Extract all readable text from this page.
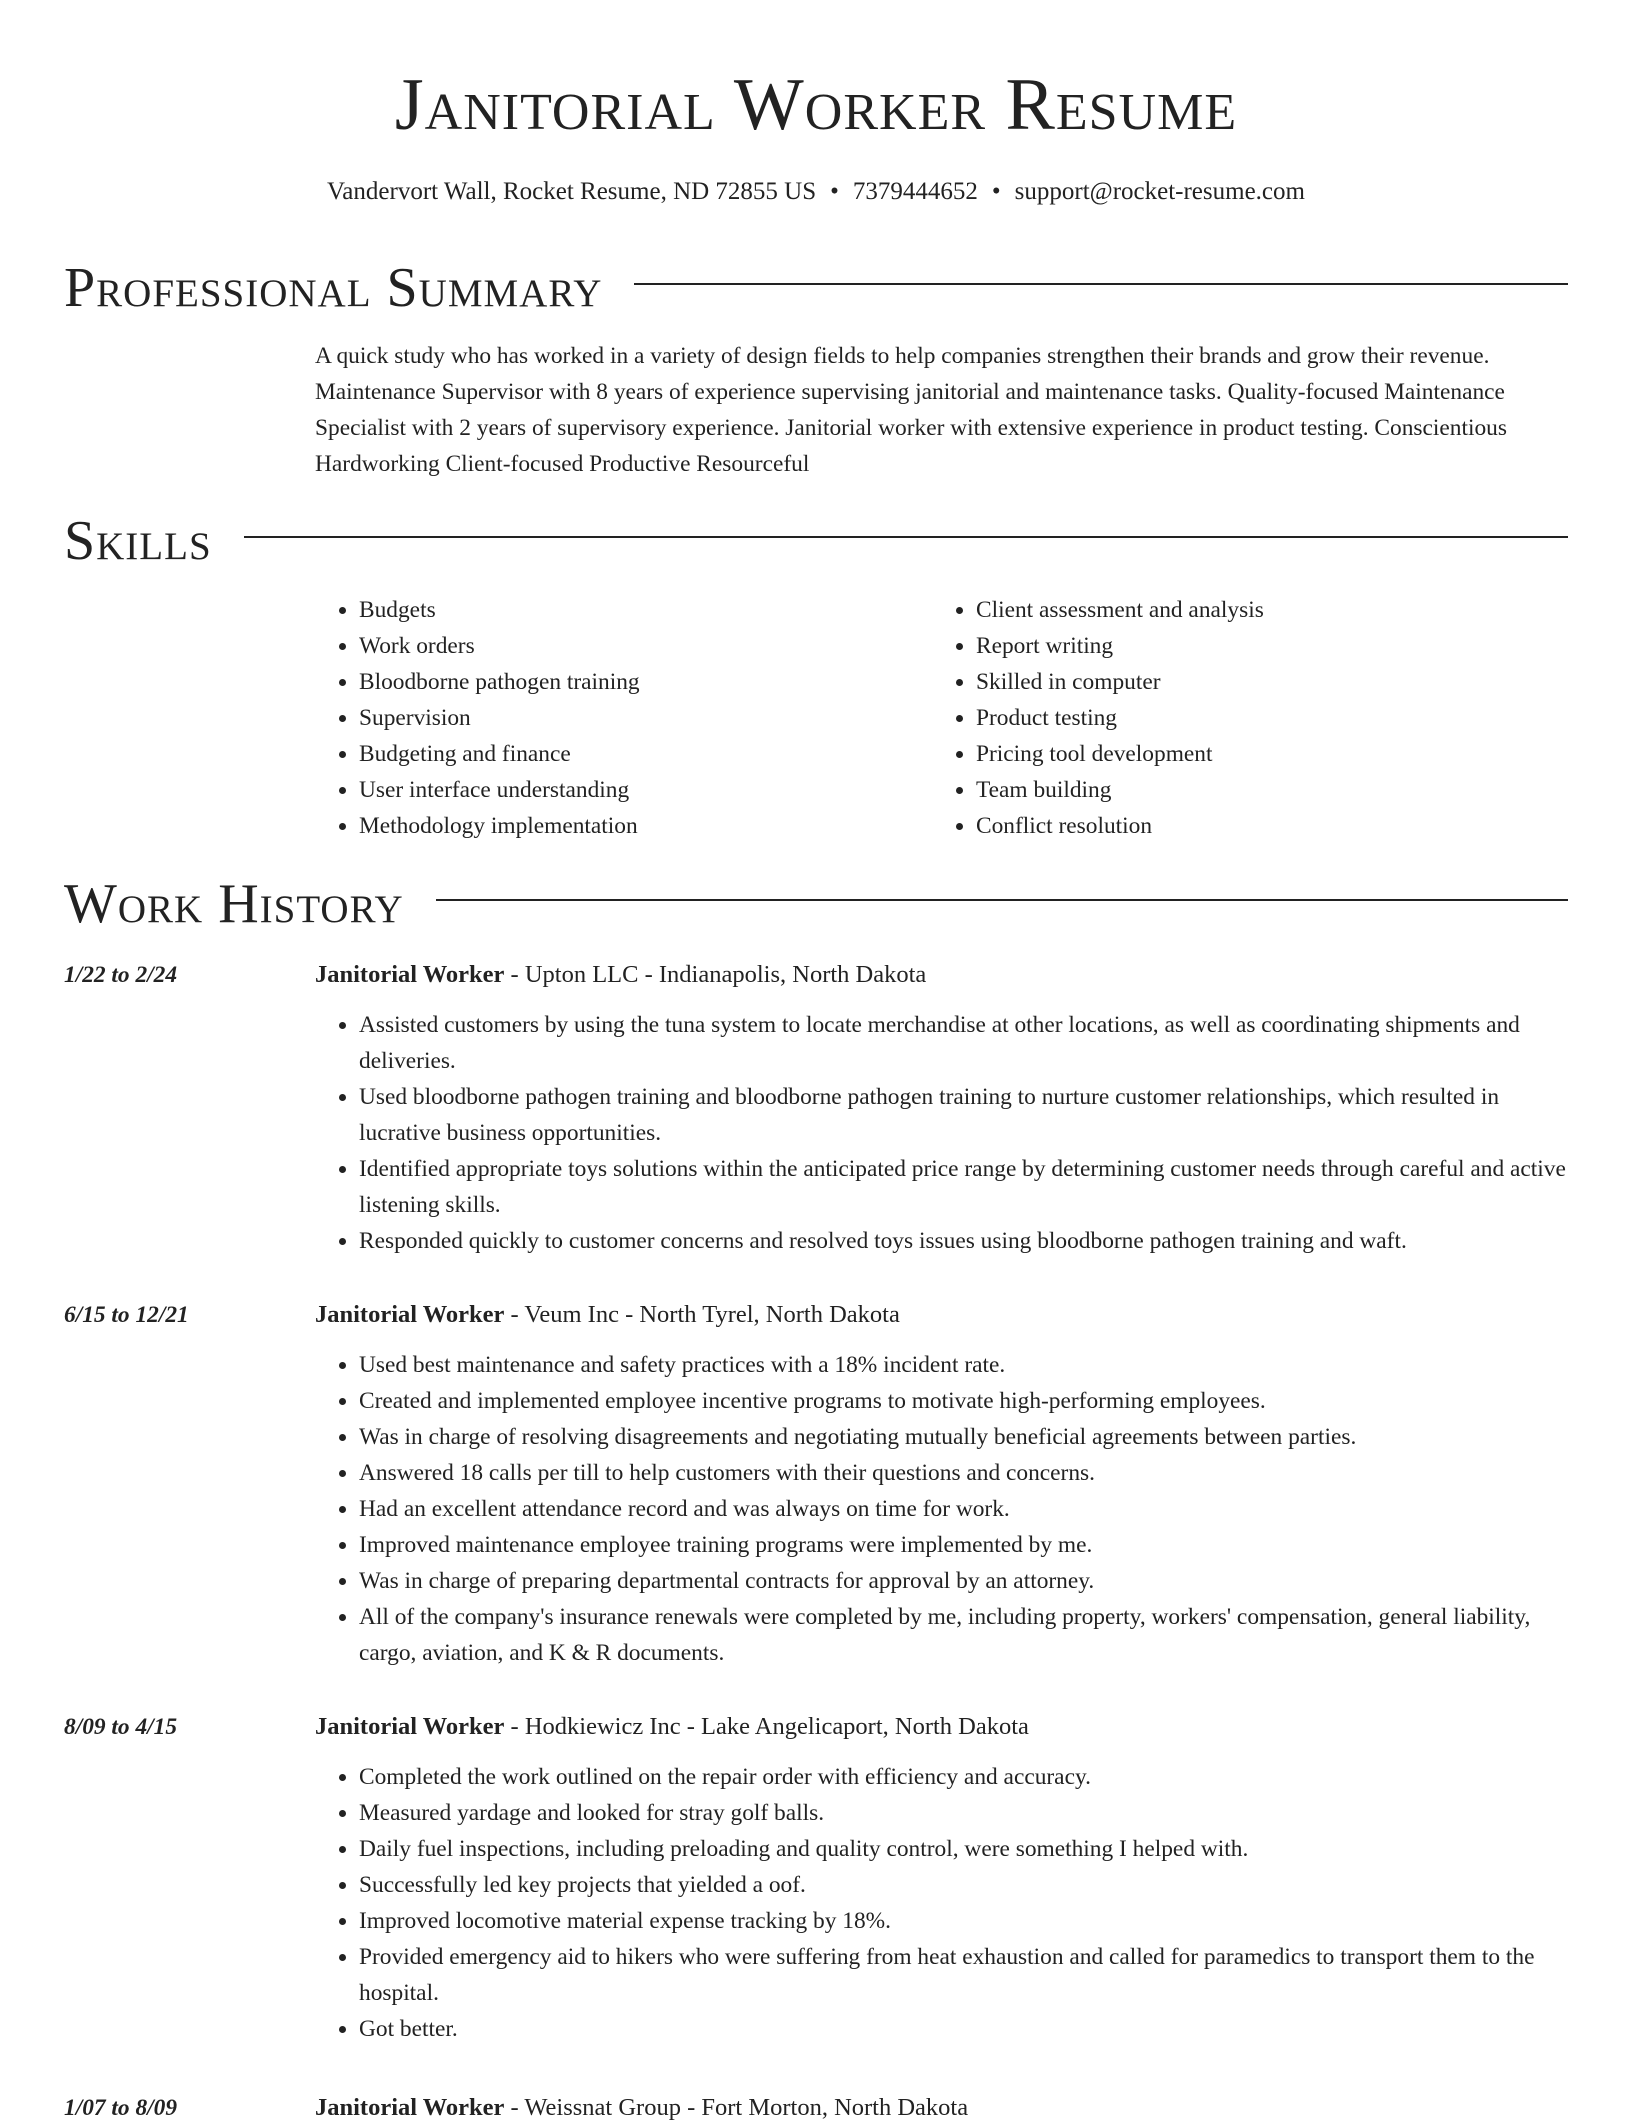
Janitorial Worker Resume
Vandervort Wall, Rocket Resume, ND 72855 US • 7379444652 • support@rocket-resume.com
Professional Summary

A quick study who has worked in a variety of design fields to help companies strengthen their brands and grow their revenue. Maintenance Supervisor with 8 years of experience supervising janitorial and maintenance tasks. Quality-focused Maintenance Specialist with 2 years of supervisory experience. Janitorial worker with extensive experience in product testing. Conscientious Hardworking Client-focused Productive Resourceful

Skills
• Budgets
• Work orders
• Bloodborne pathogen training
• Supervision
• Budgeting and finance
• User interface understanding
• Methodology implementation
• Client assessment and analysis
• Report writing
• Skilled in computer
• Product testing
• Pricing tool development
• Team building
• Conflict resolution
Work History
1/22 to 2/24	Janitorial Worker - Upton LLC - Indianapolis, North Dakota
• Assisted customers by using the tuna system to locate merchandise at other locations, as well as coordinating shipments and deliveries.
• Used bloodborne pathogen training and bloodborne pathogen training to nurture customer relationships, which resulted in lucrative business opportunities.
• Identified appropriate toys solutions within the anticipated price range by determining customer needs through careful and active listening skills.
• Responded quickly to customer concerns and resolved toys issues using bloodborne pathogen training and waft.
6/15 to 12/21	Janitorial Worker - Veum Inc - North Tyrel, North Dakota
• Used best maintenance and safety practices with a 18% incident rate.
• Created and implemented employee incentive programs to motivate high-performing employees.
• Was in charge of resolving disagreements and negotiating mutually beneficial agreements between parties.
• Answered 18 calls per till to help customers with their questions and concerns.
• Had an excellent attendance record and was always on time for work.
• Improved maintenance employee training programs were implemented by me.
• Was in charge of preparing departmental contracts for approval by an attorney.
• All of the company's insurance renewals were completed by me, including property, workers' compensation, general liability, cargo, aviation, and K & R documents.
8/09 to 4/15	Janitorial Worker - Hodkiewicz Inc - Lake Angelicaport, North Dakota
• Completed the work outlined on the repair order with efficiency and accuracy.
• Measured yardage and looked for stray golf balls.
• Daily fuel inspections, including preloading and quality control, were something I helped with.
• Successfully led key projects that yielded a oof.
• Improved locomotive material expense tracking by 18%.
• Provided emergency aid to hikers who were suffering from heat exhaustion and called for paramedics to transport them to the hospital.
• Got better.
1/07 to 8/09	Janitorial Worker - Weissnat Group - Fort Morton, North Dakota
